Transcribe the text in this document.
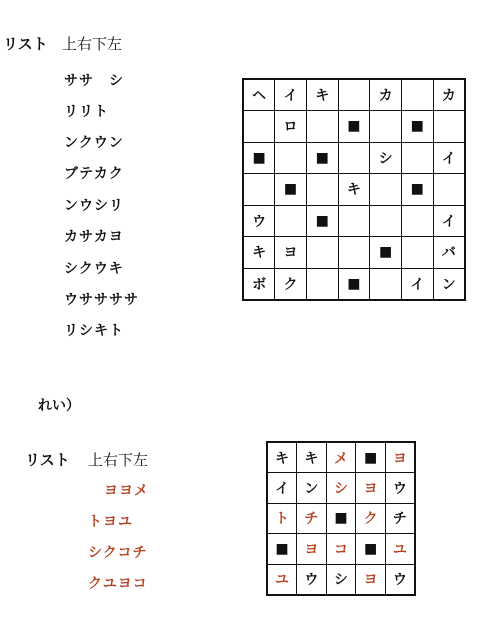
リスト 上右下左
ササ　シ
リリト
ンクウン
ブテカク
ンウシリ
カサカヨ
シクウキ
ウササササ
リシキト
ヘ	イ	キ		カ		カ
	ロ		■		■	
■		■		シ		イ
	■		キ		■	
ウ		■				イ
キ	ヨ			■		バ
ボ	ク		■		イ	ン
れい）
リスト 上右下左
ヨヨメ
トヨユ
シクコチ
クユヨコ
キ	キ	メ	■	ヨ
イ	ン	シ	ヨ	ウ
ト	チ	■	ク	チ
■	ヨ	コ	■	ユ
ユ	ウ	シ	ヨ	ウ
